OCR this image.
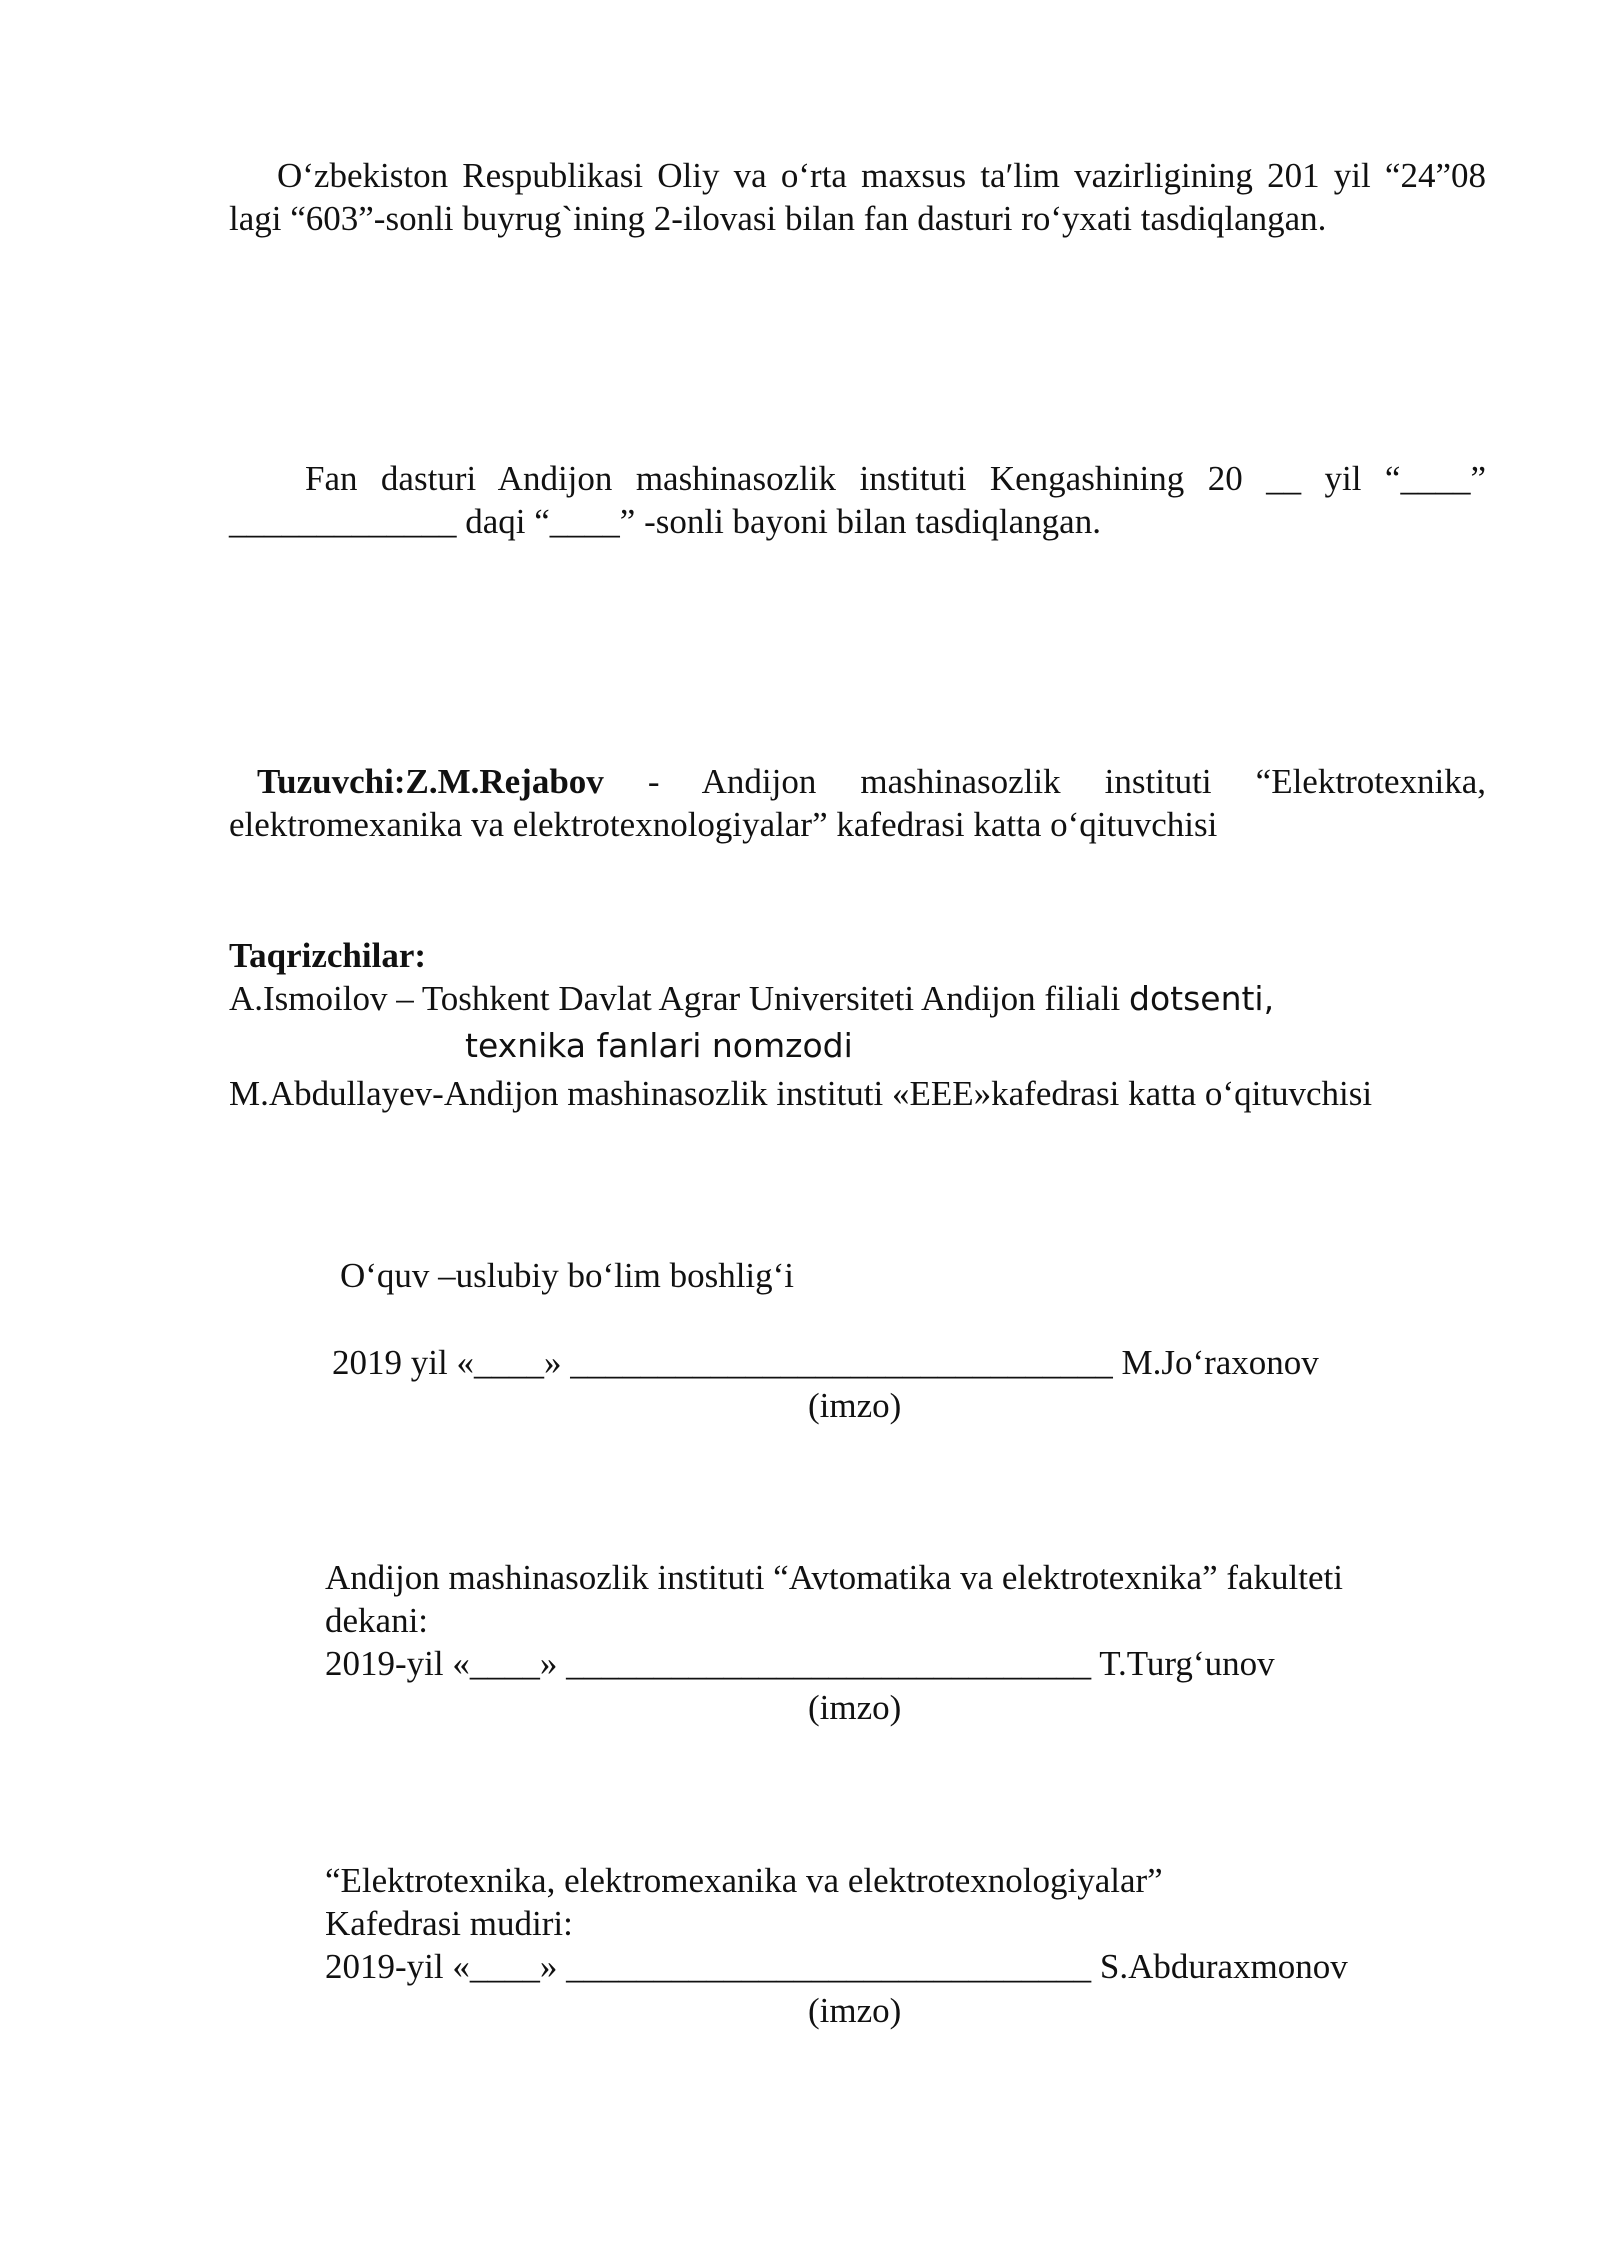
O‘zbekiston Respublikasi Oliy va o‘rta maxsus taʹlim vazirligining 201 yil “24”08 lagi “603”-sonli buyrug`ining 2-ilovasi bilan fan dasturi ro‘yxati tasdiqlangan.

Fan dasturi Andijon mashinasozlik instituti Kengashining 20 __ yil “____” _____________ daqi “____” -sonli bayoni bilan tasdiqlangan.

Tuzuvchi:Z.M.Rejabov - Andijon mashinasozlik instituti “Elektrotexnika, elektromexanika va elektrotexnologiyalar” kafedrasi katta o‘qituvchisi

Taqrizchilar:
A.Ismoilov – Toshkent Davlat Agrar Universiteti Andijon filiali dotsenti,
texnika fanlari nomzodi
M.Abdullayev-Andijon mashinasozlik instituti «EEE»kafedrasi katta o‘qituvchisi
O‘quv –uslubiy bo‘lim boshlig‘i
2019 yil «____» _______________________________ M.Jo‘raxonov
(imzo)
Andijon mashinasozlik instituti “Avtomatika va elektrotexnika” fakulteti
dekani:
2019-yil «____» ______________________________ T.Turg‘unov
(imzo)
“Elektrotexnika, elektromexanika va elektrotexnologiyalar”
Kafedrasi mudiri:
2019-yil «____» ______________________________ S.Abduraxmonov
(imzo)
